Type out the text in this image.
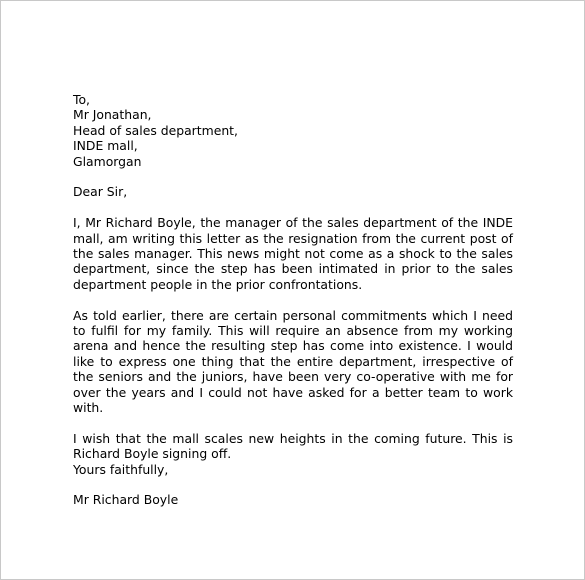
To,
Mr Jonathan,
Head of sales department,
INDE mall,
Glamorgan
Dear Sir,
I, Mr Richard Boyle, the manager of the sales department of the INDE mall, am writing this letter as the resignation from the current post of the sales manager. This news might not come as a shock to the sales department, since the step has been intimated in prior to the sales department people in the prior confrontations.
As told earlier, there are certain personal commitments which I need to fulfil for my family. This will require an absence from my working arena and hence the resulting step has come into existence. I would like to express one thing that the entire department, irrespective of the seniors and the juniors, have been very co-operative with me for over the years and I could not have asked for a better team to work with.
I wish that the mall scales new heights in the coming future. This is Richard Boyle signing off.
Yours faithfully,
Mr Richard Boyle
